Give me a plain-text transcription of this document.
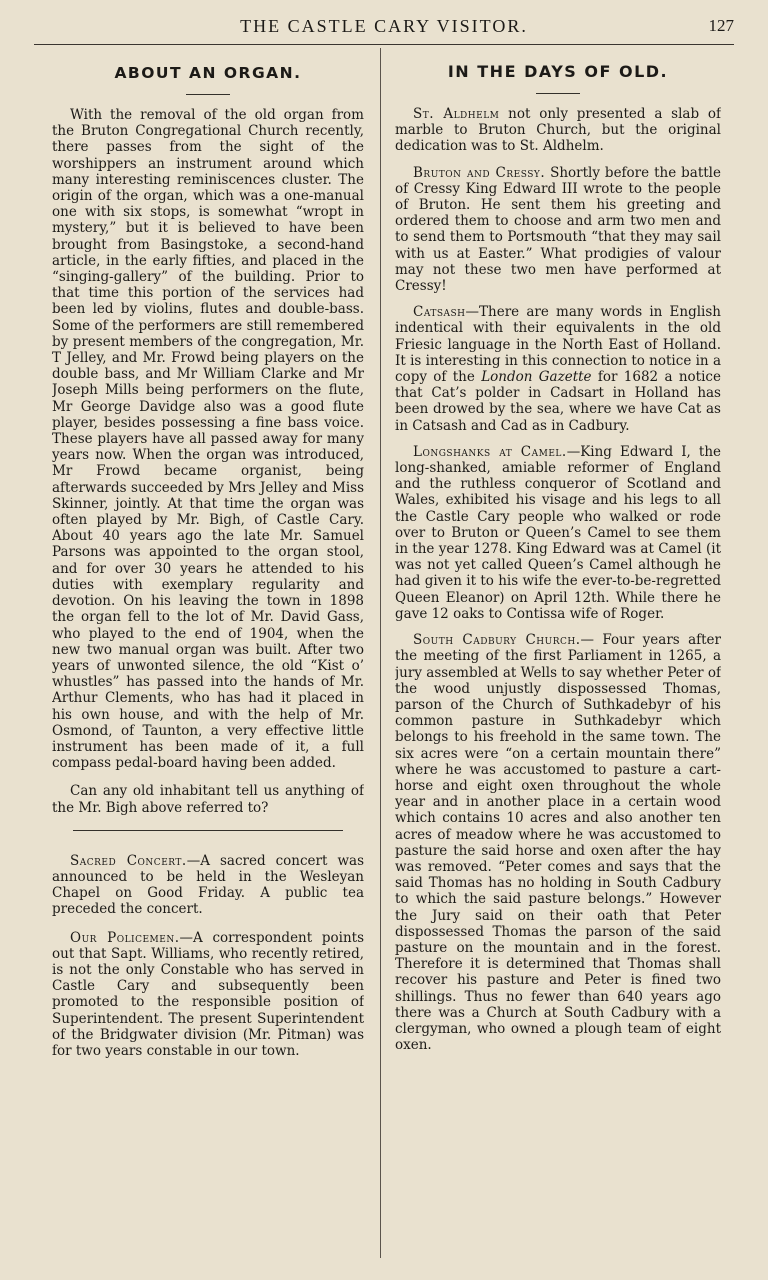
THE CASTLE CARY VISITOR.	127
ABOUT AN ORGAN.

With the removal of the old organ from the Bruton Congregational Church recently, there passes from the sight of the worshippers an instrument around which many interesting reminiscences cluster. The origin of the organ, which was a one-manual one with six stops, is somewhat “wropt in mystery,” but it is believed to have been brought from Basingstoke, a second-hand article, in the early fifties, and placed in the “singing-gallery” of the building. Prior to that time this portion of the services had been led by violins, flutes and double-bass. Some of the performers are still remembered by present members of the congregation, Mr. T Jelley, and Mr. Frowd being players on the double bass, and Mr William Clarke and Mr Joseph Mills being performers on the flute, Mr George Davidge also was a good flute player, besides possessing a fine bass voice. These players have all passed away for many years now. When the organ was introduced, Mr Frowd became organist, being afterwards succeeded by Mrs Jelley and Miss Skinner, jointly. At that time the organ was often played by Mr. Bigh, of Castle Cary. About 40 years ago the late Mr. Samuel Parsons was appointed to the organ stool, and for over 30 years he attended to his duties with exemplary regularity and devotion. On his leaving the town in 1898 the organ fell to the lot of Mr. David Gass, who played to the end of 1904, when the new two manual organ was built. After two years of unwonted silence, the old “Kist o’ whustles” has passed into the hands of Mr. Arthur Clements, who has had it placed in his own house, and with the help of Mr. Osmond, of Taunton, a very effective little instrument has been made of it, a full compass pedal-board having been added.

Can any old inhabitant tell us anything of the Mr. Bigh above referred to?

Sacred Concert.—A sacred concert was announced to be held in the Wesleyan Chapel on Good Friday. A public tea preceded the concert.

Our Policemen.—A correspondent points out that Sapt. Williams, who recently retired, is not the only Constable who has served in Castle Cary and subsequently been promoted to the responsible position of Superintendent. The present Superintendent of the Bridgwater division (Mr. Pitman) was for two years constable in our town.

IN THE DAYS OF OLD.

St. Aldhelm not only presented a slab of marble to Bruton Church, but the original dedication was to St. Aldhelm.

Bruton and Cressy. Shortly before the battle of Cressy King Edward III wrote to the people of Bruton. He sent them his greeting and ordered them to choose and arm two men and to send them to Portsmouth “that they may sail with us at Easter.” What prodigies of valour may not these two men have performed at Cressy!

Catsash—There are many words in English indentical with their equivalents in the old Friesic language in the North East of Holland. It is interesting in this connection to notice in a copy of the London Gazette for 1682 a notice that Cat’s polder in Cadsart in Holland has been drowed by the sea, where we have Cat as in Catsash and Cad as in Cadbury.

Longshanks at Camel.—King Edward I, the long-shanked, amiable reformer of England and the ruthless conqueror of Scotland and Wales, exhibited his visage and his legs to all the Castle Cary people who walked or rode over to Bruton or Queen’s Camel to see them in the year 1278. King Edward was at Camel (it was not yet called Queen’s Camel although he had given it to his wife the ever-to-be-regretted Queen Eleanor) on April 12th. While there he gave 12 oaks to Contissa wife of Roger.

South Cadbury Church.— Four years after the meeting of the first Parliament in 1265, a jury assembled at Wells to say whether Peter of the wood unjustly dispossessed Thomas, parson of the Church of Suthkadebyr of his common pasture in Suthkadebyr which belongs to his freehold in the same town. The six acres were “on a certain mountain there” where he was accustomed to pasture a cart-horse and eight oxen throughout the whole year and in another place in a certain wood which contains 10 acres and also another ten acres of meadow where he was accustomed to pasture the said horse and oxen after the hay was removed. “Peter comes and says that the said Thomas has no holding in South Cadbury to which the said pasture belongs.” However the Jury said on their oath that Peter dispossessed Thomas the parson of the said pasture on the mountain and in the forest. Therefore it is determined that Thomas shall recover his pasture and Peter is fined two shillings. Thus no fewer than 640 years ago there was a Church at South Cadbury with a clergyman, who owned a plough team of eight oxen.
